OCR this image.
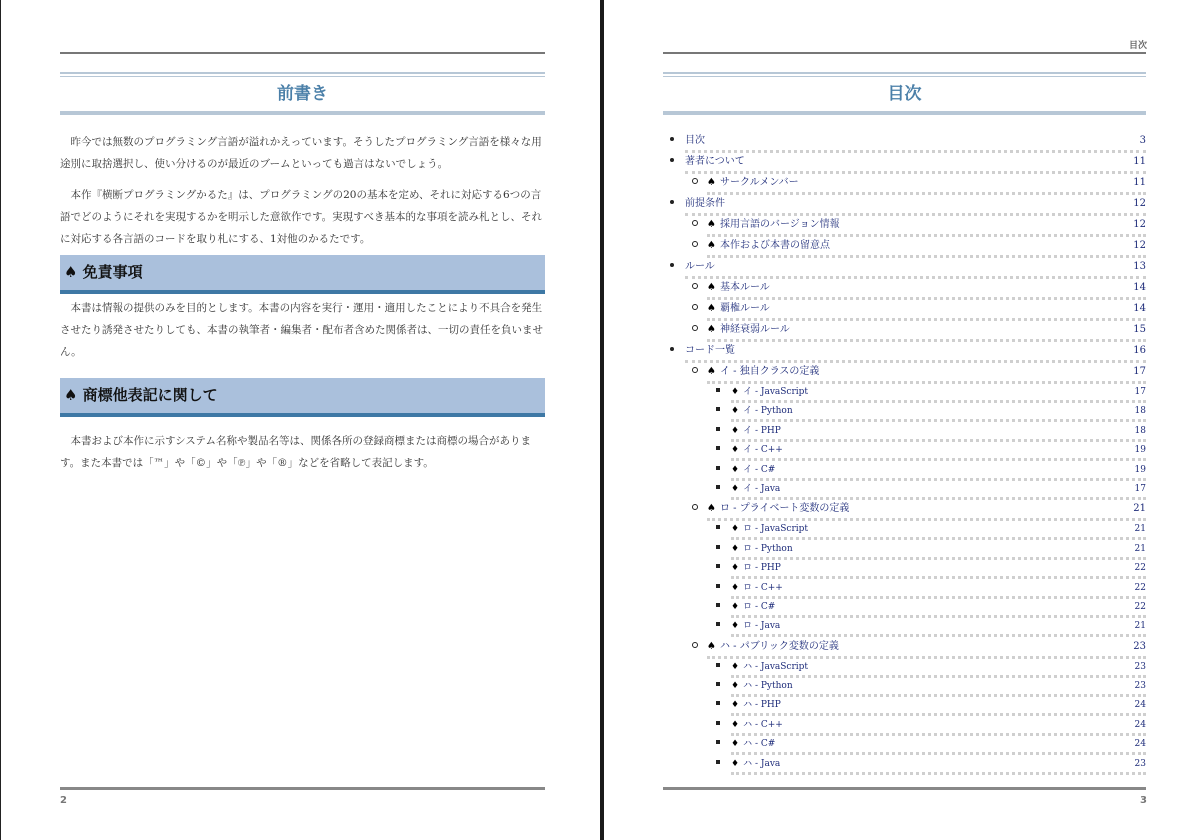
前書き

昨今では無数のプログラミング言語が溢れかえっています。そうしたプログラミング言語を様々な用途別に取捨選択し、使い分けるのが最近のブームといっても過言はないでしょう。

本作『横断プログラミングかるた』は、プログラミングの20の基本を定め、それに対応する6つの言語でどのようにそれを実現するかを明示した意欲作です。実現すべき基本的な事項を読み札とし、それに対応する各言語のコードを取り札にする、1対他のかるたです。

♠ 免責事項

本書は情報の提供のみを目的とします。本書の内容を実行・運用・適用したことにより不具合を発生させたり誘発させたりしても、本書の執筆者・編集者・配布者含めた関係者は、一切の責任を負いません。

♠ 商標他表記に関して

本書および本作に示すシステム名称や製品名等は、関係各所の登録商標または商標の場合があります。また本書では「™」や「©」や「℗」や「®」などを省略して表記します。

2
目次
目次
目次	3
著者について	11
♠ サークルメンバー	11
前提条件	12
♠ 採用言語のバージョン情報	12
♠ 本作および本書の留意点	12
ルール	13
♠ 基本ルール	14
♠ 覇権ルール	14
♠ 神経衰弱ルール	15
コード一覧	16
♠ イ - 独自クラスの定義	17
♦ イ - JavaScript	17
♦ イ - Python	18
♦ イ - PHP	18
♦ イ - C++	19
♦ イ - C#	19
♦ イ - Java	17
♠ ロ - プライベート変数の定義	21
♦ ロ - JavaScript	21
♦ ロ - Python	21
♦ ロ - PHP	22
♦ ロ - C++	22
♦ ロ - C#	22
♦ ロ - Java	21
♠ ハ - パブリック変数の定義	23
♦ ハ - JavaScript	23
♦ ハ - Python	23
♦ ハ - PHP	24
♦ ハ - C++	24
♦ ハ - C#	24
♦ ハ - Java	23
3
